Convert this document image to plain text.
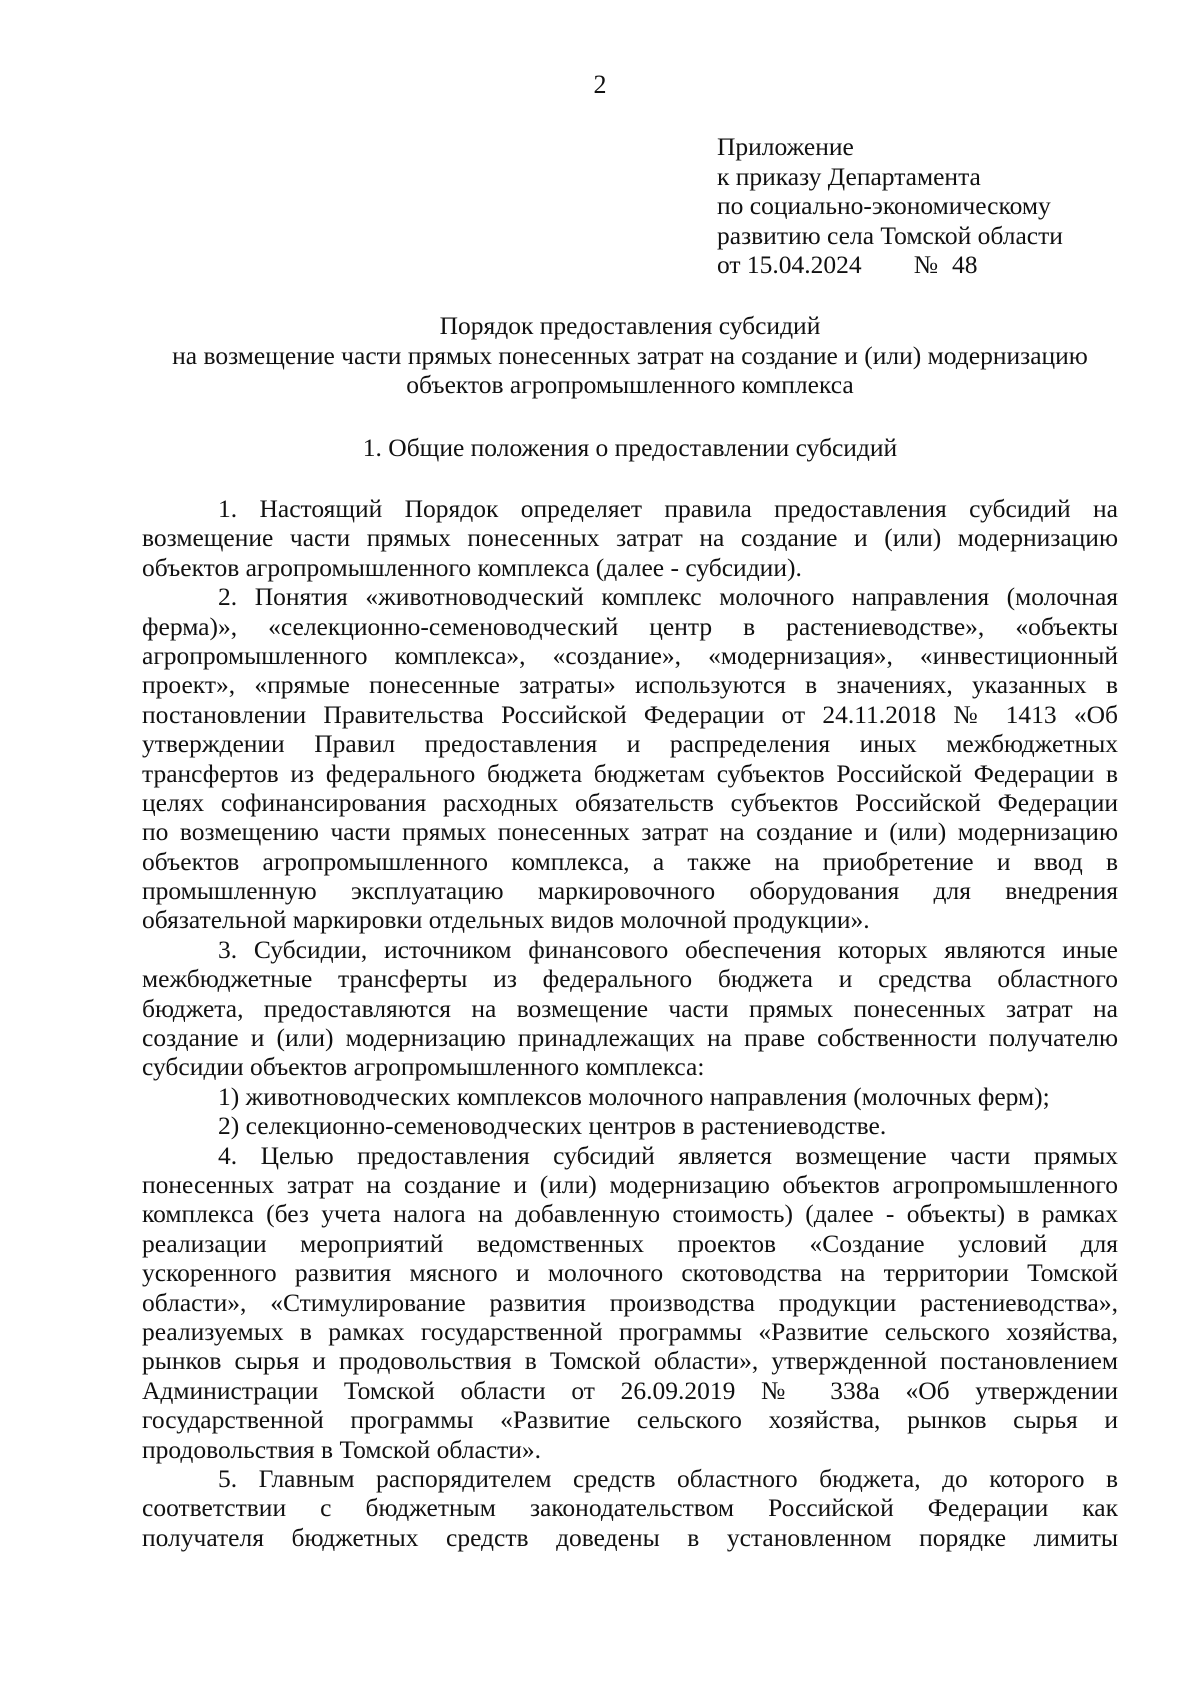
2
Приложение
к приказу Департамента
по социально-экономическому
развитию села Томской области
от 15.04.2024 № 48
Порядок предоставления субсидий
на возмещение части прямых понесенных затрат на создание и (или) модернизацию
объектов агропромышленного комплекса
1. Общие положения о предоставлении субсидий
1. Настоящий Порядок определяет правила предоставления субсидий на
возмещение части прямых понесенных затрат на создание и (или) модернизацию
объектов агропромышленного комплекса (далее - субсидии).
2. Понятия «животноводческий комплекс молочного направления (молочная
ферма)», «селекционно-семеноводческий центр в растениеводстве», «объекты
агропромышленного комплекса», «создание», «модернизация», «инвестиционный
проект», «прямые понесенные затраты» используются в значениях, указанных в
постановлении Правительства Российской Федерации от 24.11.2018 № 1413 «Об
утверждении Правил предоставления и распределения иных межбюджетных
трансфертов из федерального бюджета бюджетам субъектов Российской Федерации в
целях софинансирования расходных обязательств субъектов Российской Федерации
по возмещению части прямых понесенных затрат на создание и (или) модернизацию
объектов агропромышленного комплекса, а также на приобретение и ввод в
промышленную эксплуатацию маркировочного оборудования для внедрения
обязательной маркировки отдельных видов молочной продукции».
3. Субсидии, источником финансового обеспечения которых являются иные
межбюджетные трансферты из федерального бюджета и средства областного
бюджета, предоставляются на возмещение части прямых понесенных затрат на
создание и (или) модернизацию принадлежащих на праве собственности получателю
субсидии объектов агропромышленного комплекса:
1) животноводческих комплексов молочного направления (молочных ферм);
2) селекционно-семеноводческих центров в растениеводстве.
4. Целью предоставления субсидий является возмещение части прямых
понесенных затрат на создание и (или) модернизацию объектов агропромышленного
комплекса (без учета налога на добавленную стоимость) (далее - объекты) в рамках
реализации мероприятий ведомственных проектов «Создание условий для
ускоренного развития мясного и молочного скотоводства на территории Томской
области», «Стимулирование развития производства продукции растениеводства»,
реализуемых в рамках государственной программы «Развитие сельского хозяйства,
рынков сырья и продовольствия в Томской области», утвержденной постановлением
Администрации Томской области от 26.09.2019 № 338а «Об утверждении
государственной программы «Развитие сельского хозяйства, рынков сырья и
продовольствия в Томской области».
5. Главным распорядителем средств областного бюджета, до которого в
соответствии с бюджетным законодательством Российской Федерации как
получателя бюджетных средств доведены в установленном порядке лимиты
